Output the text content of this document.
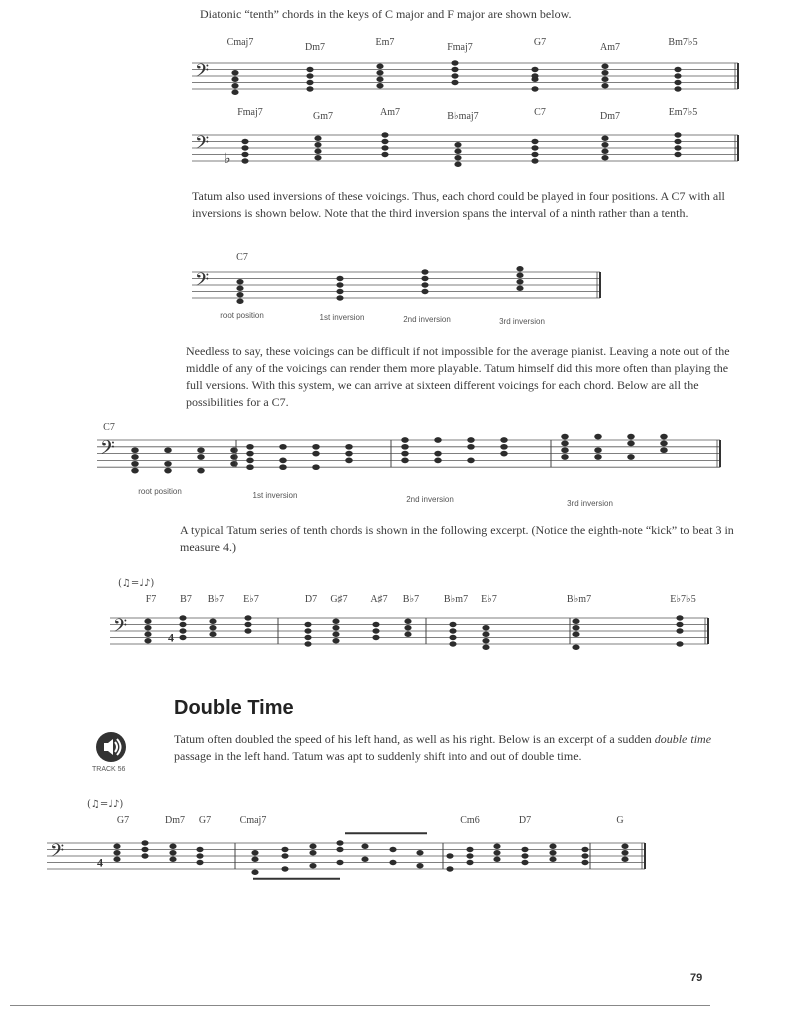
Diatonic “tenth” chords in the keys of C major and F major are shown below.

𝄢
Cmaj7	Dm7	Em7	Fmaj7	G7	Am7	Bm7♭5
𝄢
♭
Fmaj7	Gm7	Am7	B♭maj7	C7	Dm7	Em7♭5

Tatum also used inversions of these voicings. Thus, each chord could be played in four positions. A C7 with all inversions is shown below. Note that the third inversion spans the interval of a ninth rather than a tenth.

𝄢
C7
root position	1st inversion	2nd inversion	3rd inversion

Needless to say, these voicings can be difficult if not impossible for the average pianist. Leaving a note out of the middle of any of the voicings can render them more playable. Tatum himself did this more often than playing the full versions. With this system, we can arrive at sixteen different voicings for each chord. Below are all the possibilities for a C7.

𝄢
C7
root position	1st inversion	2nd inversion	3rd inversion

A typical Tatum series of tenth chords is shown in the following excerpt. (Notice the eighth-note “kick” to beat 3 in measure 4.)

𝄢
(♫=♩♪)
4
F7 B7 B♭7 E♭7	D7 G♯7 A♯7 B♭7 B♭m7 E♭7	B♭m7	E♭7♭5
Double Time
TRACK 56

Tatum often doubled the speed of his left hand, as well as his right. Below is an excerpt of a sudden double time passage in the left hand. Tatum was apt to suddenly shift into and out of double time.

𝄢
(♫=♩♪)
4
G7	Dm7 G7	Cmaj7	Cm6	D7	G
79
